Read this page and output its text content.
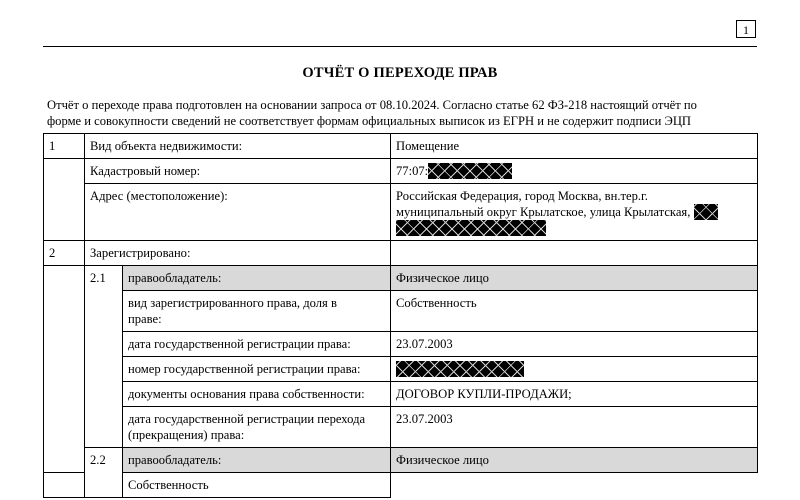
1
ОТЧЁТ О ПЕРЕХОДЕ ПРАВ
Отчёт о переходе права подготовлен на основании запроса от 08.10.2024. Согласно статье 62 ФЗ-218 настоящий отчёт по
форме и совокупности сведений не соответствует формам официальных выписок из ЕГРН и не содержит подписи ЭЦП
1	Вид объекта недвижимости:		Помещение
	Кадастровый номер:		77:07:
	Адрес (местоположение):		Российская Федерация, город Москва, вн.тер.г.
муниципальный округ Крылатское, улица Крылатская,

2	Зарегистрировано:		
	2.1	правообладатель:	Физическое лицо

		вид зарегистрированного права, доля в
праве:	Собственность
		дата государственной регистрации права:	23.07.2003
		номер государственной регистрации права:	
		документы основания права собственности:	ДОГОВОР КУПЛИ-ПРОДАЖИ;

		дата государственной регистрации перехода
(прекращения) права:	23.07.2003
	2.2	правообладатель:	Физическое лицо
		Собственность	
